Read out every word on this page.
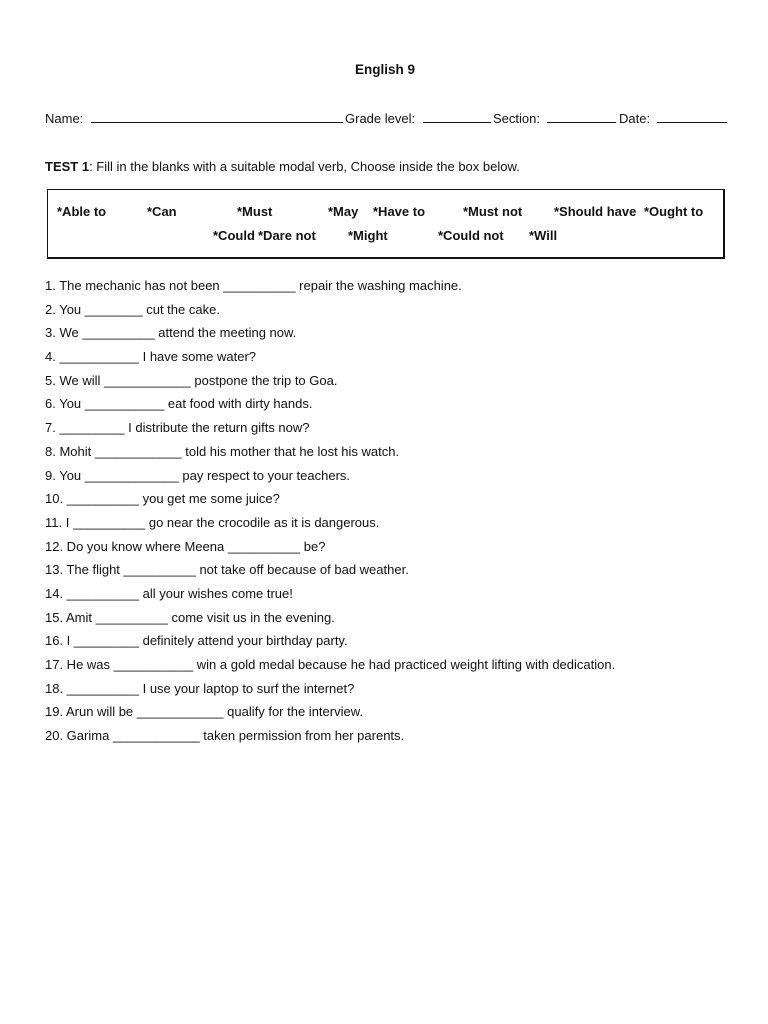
English 9
Name:	Grade level:	Section:	Date:
TEST 1: Fill in the blanks with a suitable modal verb, Choose inside the box below.
*Able to	*Can	*Must	*May *Have to	*Must not *Should have *Ought to
*Could *Dare not *Might	*Could not *Will
1. The mechanic has not been __________ repair the washing machine.
2. You ________ cut the cake.
3. We __________ attend the meeting now.
4. ___________ I have some water?
5. We will ____________ postpone the trip to Goa.
6. You ___________ eat food with dirty hands.
7. _________ I distribute the return gifts now?
8. Mohit ____________ told his mother that he lost his watch.
9. You _____________ pay respect to your teachers.
10. __________ you get me some juice?
11. I __________ go near the crocodile as it is dangerous.
12. Do you know where Meena __________ be?
13. The flight __________ not take off because of bad weather.
14. __________ all your wishes come true!
15. Amit __________ come visit us in the evening.
16. I _________ definitely attend your birthday party.
17. He was ___________ win a gold medal because he had practiced weight lifting with dedication.
18. __________ I use your laptop to surf the internet?
19. Arun will be ____________ qualify for the interview.
20. Garima ____________ taken permission from her parents.
